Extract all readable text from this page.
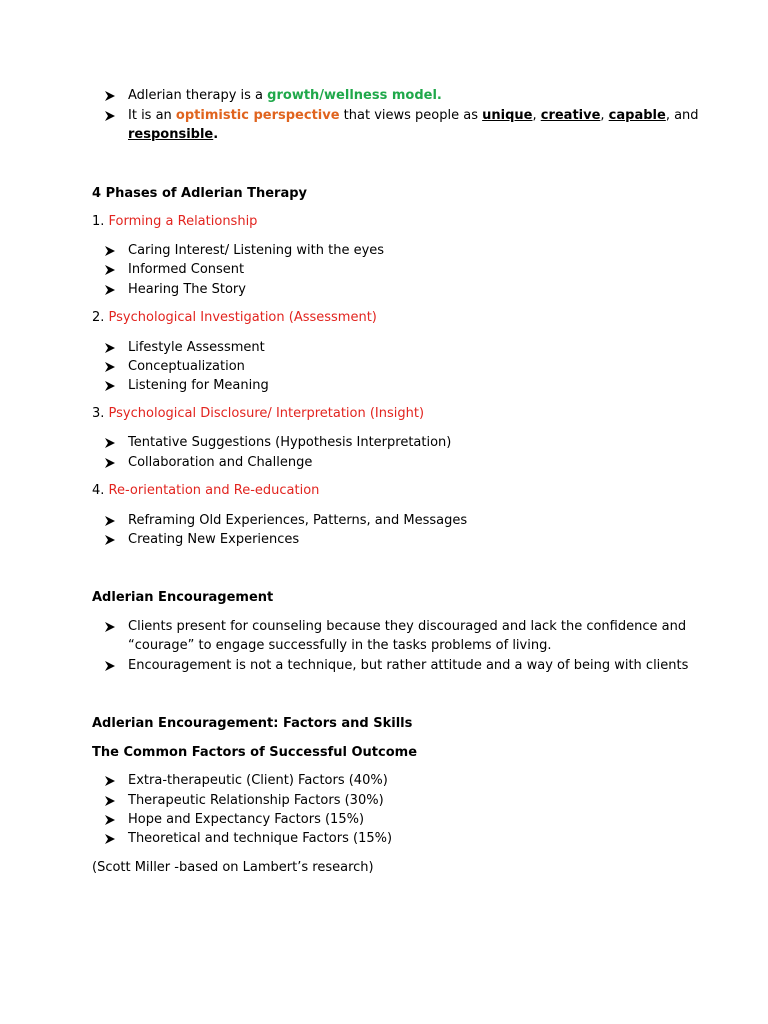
Adlerian therapy is a growth/wellness model.
It is an optimistic perspective that views people as unique, creative, capable, and
responsible.
4 Phases of Adlerian Therapy
1. Forming a Relationship
Caring Interest/ Listening with the eyes
Informed Consent
Hearing The Story
2. Psychological Investigation (Assessment)
Lifestyle Assessment
Conceptualization
Listening for Meaning
3. Psychological Disclosure/ Interpretation (Insight)
Tentative Suggestions (Hypothesis Interpretation)
Collaboration and Challenge
4. Re-orientation and Re-education
Reframing Old Experiences, Patterns, and Messages
Creating New Experiences
Adlerian Encouragement
Clients present for counseling because they discouraged and lack the confidence and “courage” to engage successfully in the tasks problems of living.
Encouragement is not a technique, but rather attitude and a way of being with clients
Adlerian Encouragement: Factors and Skills
The Common Factors of Successful Outcome
Extra-therapeutic (Client) Factors (40%)
Therapeutic Relationship Factors (30%)
Hope and Expectancy Factors (15%)
Theoretical and technique Factors (15%)
(Scott Miller -based on Lambert’s research)
